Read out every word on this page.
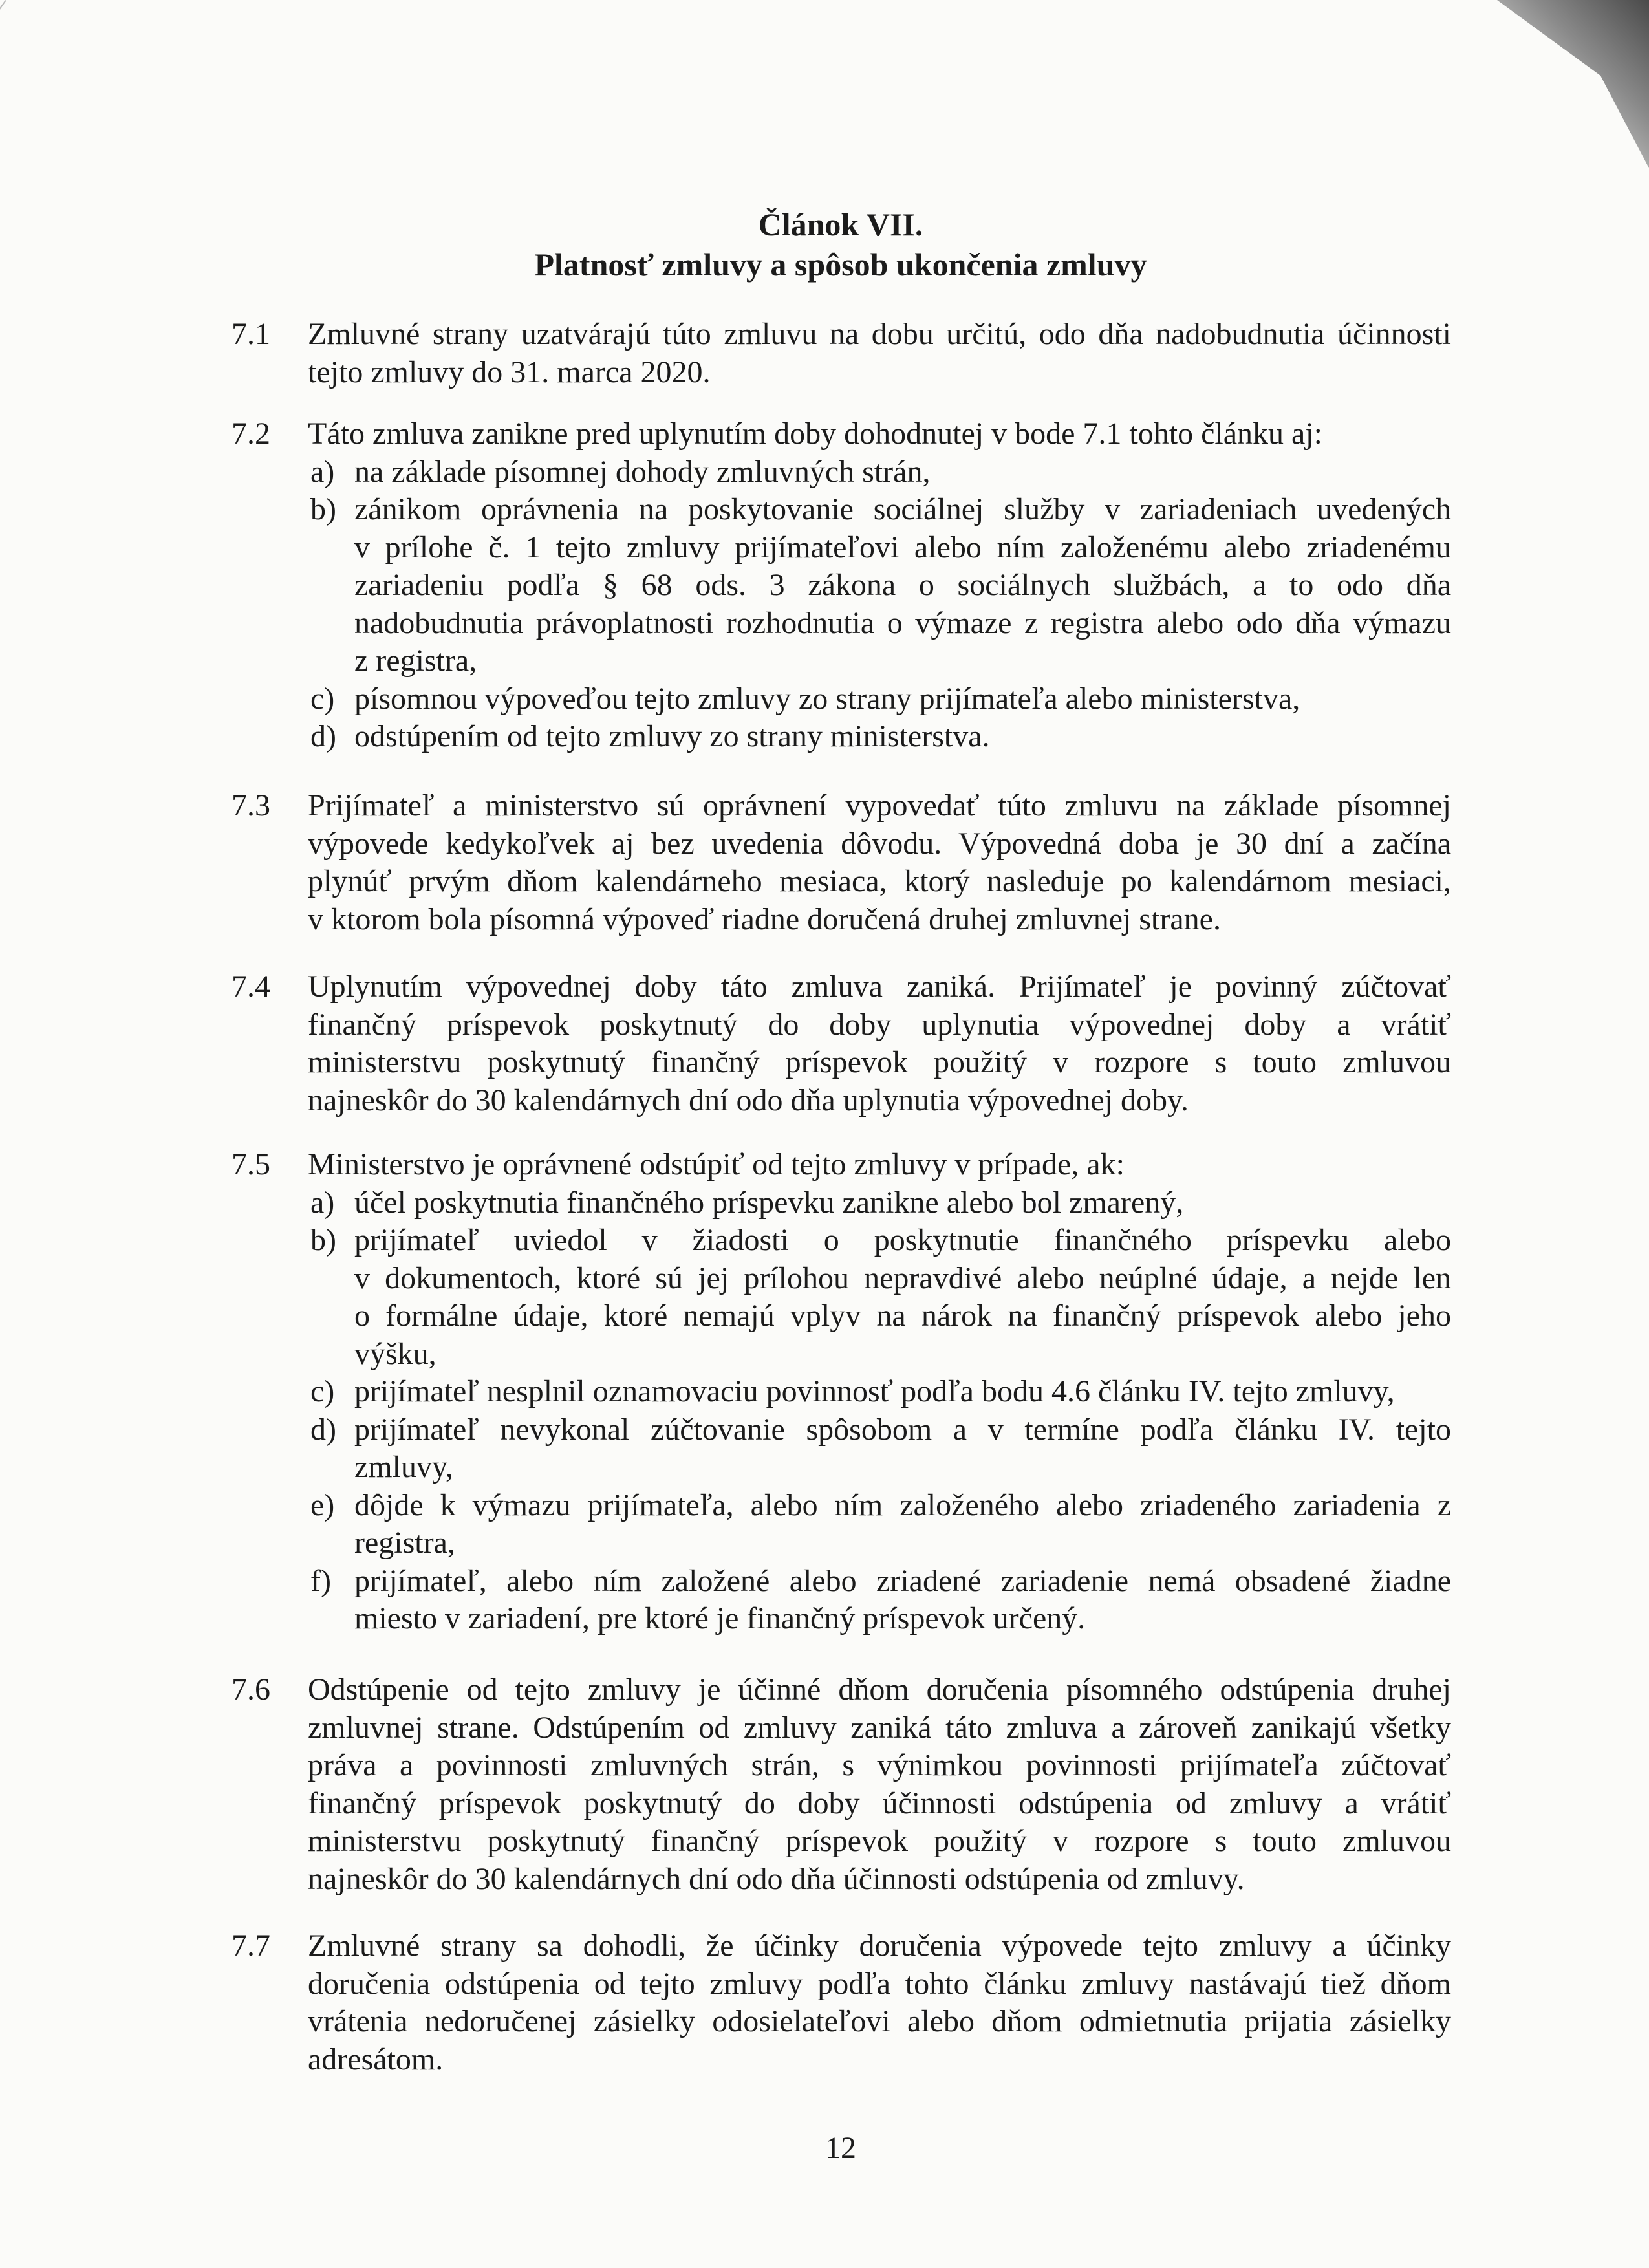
Článok VII.
Platnosť zmluvy a spôsob ukončenia zmluvy
7.1 Zmluvné strany uzatvárajú túto zmluvu na dobu určitú, odo dňa nadobudnutia účinnosti
tejto zmluvy do 31. marca 2020.
7.2 Táto zmluva zanikne pred uplynutím doby dohodnutej v bode 7.1 tohto článku aj:
a) na základe písomnej dohody zmluvných strán,
b) zánikom oprávnenia na poskytovanie sociálnej služby v zariadeniach uvedených
v prílohe č. 1 tejto zmluvy prijímateľovi alebo ním založenému alebo zriadenému
zariadeniu podľa § 68 ods. 3 zákona o sociálnych službách, a to odo dňa
nadobudnutia právoplatnosti rozhodnutia o výmaze z registra alebo odo dňa výmazu
z registra,
c) písomnou výpoveďou tejto zmluvy zo strany prijímateľa alebo ministerstva,
d) odstúpením od tejto zmluvy zo strany ministerstva.
7.3 Prijímateľ a ministerstvo sú oprávnení vypovedať túto zmluvu na základe písomnej
výpovede kedykoľvek aj bez uvedenia dôvodu. Výpovedná doba je 30 dní a začína
plynúť prvým dňom kalendárneho mesiaca, ktorý nasleduje po kalendárnom mesiaci,
v ktorom bola písomná výpoveď riadne doručená druhej zmluvnej strane.
7.4 Uplynutím výpovednej doby táto zmluva zaniká. Prijímateľ je povinný zúčtovať
finančný príspevok poskytnutý do doby uplynutia výpovednej doby a vrátiť
ministerstvu poskytnutý finančný príspevok použitý v rozpore s touto zmluvou
najneskôr do 30 kalendárnych dní odo dňa uplynutia výpovednej doby.
7.5 Ministerstvo je oprávnené odstúpiť od tejto zmluvy v prípade, ak:
a) účel poskytnutia finančného príspevku zanikne alebo bol zmarený,
b) prijímateľ uviedol v žiadosti o poskytnutie finančného príspevku alebo
v dokumentoch, ktoré sú jej prílohou nepravdivé alebo neúplné údaje, a nejde len
o formálne údaje, ktoré nemajú vplyv na nárok na finančný príspevok alebo jeho
výšku,
c) prijímateľ nesplnil oznamovaciu povinnosť podľa bodu 4.6 článku IV. tejto zmluvy,
d) prijímateľ nevykonal zúčtovanie spôsobom a v termíne podľa článku IV. tejto
zmluvy,
e) dôjde k výmazu prijímateľa, alebo ním založeného alebo zriadeného zariadenia z
registra,
f) prijímateľ, alebo ním založené alebo zriadené zariadenie nemá obsadené žiadne
miesto v zariadení, pre ktoré je finančný príspevok určený.
7.6 Odstúpenie od tejto zmluvy je účinné dňom doručenia písomného odstúpenia druhej
zmluvnej strane. Odstúpením od zmluvy zaniká táto zmluva a zároveň zanikajú všetky
práva a povinnosti zmluvných strán, s výnimkou povinnosti prijímateľa zúčtovať
finančný príspevok poskytnutý do doby účinnosti odstúpenia od zmluvy a vrátiť
ministerstvu poskytnutý finančný príspevok použitý v rozpore s touto zmluvou
najneskôr do 30 kalendárnych dní odo dňa účinnosti odstúpenia od zmluvy.
7.7 Zmluvné strany sa dohodli, že účinky doručenia výpovede tejto zmluvy a účinky
doručenia odstúpenia od tejto zmluvy podľa tohto článku zmluvy nastávajú tiež dňom
vrátenia nedoručenej zásielky odosielateľovi alebo dňom odmietnutia prijatia zásielky
adresátom.
12
